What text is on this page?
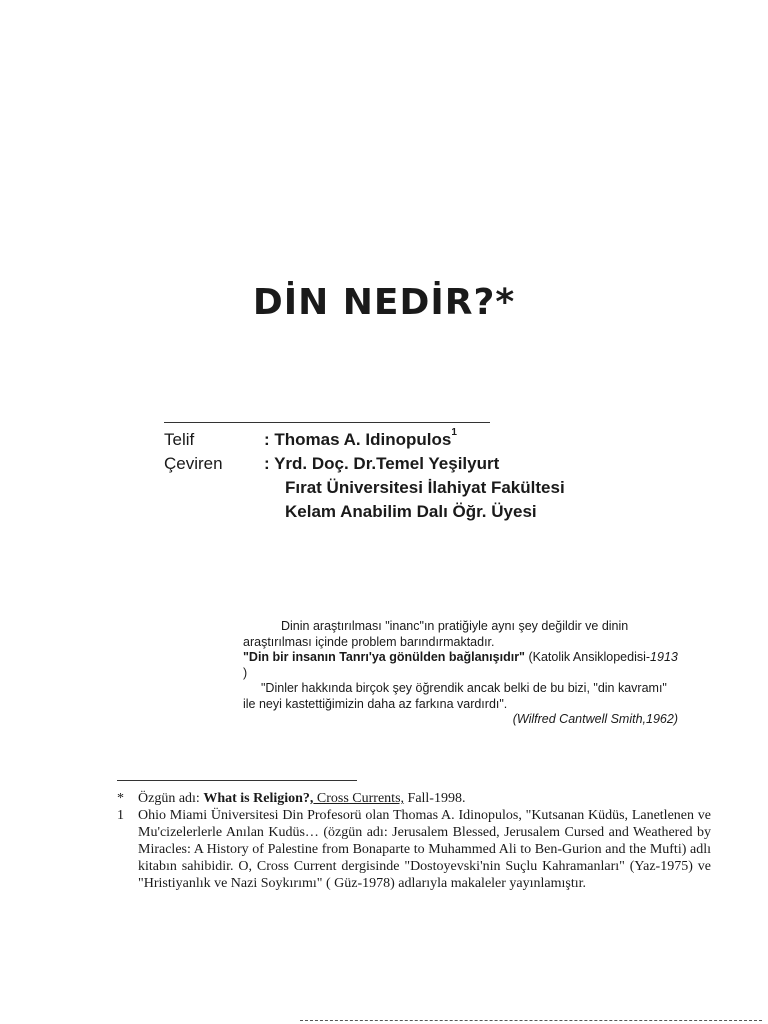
DİN NEDİR?*
Telif	: Thomas A. Idinopulos$^1$
Çeviren	: Yrd. Doç. Dr.Temel Yeşilyurt
Fırat Üniversitesi İlahiyat Fakültesi
Kelam Anabilim Dalı Öğr. Üyesi

Dinin araştırılması "inanc"ın pratiğiyle aynı şey değildir ve dinin araştırılması içinde problem barındırmaktadır.

"Din bir insanın Tanrı'ya gönülden bağlanışıdır" (Katolik Ansiklopedisi-1913 )

"Dinler hakkında birçok şey öğrendik ancak belki de bu bizi, "din kavramı" ile neyi kastettiğimizin daha az farkına vardırdı".

(Wilfred Cantwell Smith,1962)

*	Özgün adı: What is Religion?, Cross Currents, Fall-1998.
1	Ohio Miami Üniversitesi Din Profesorü olan Thomas A. Idinopulos, "Kutsanan Küdüs, Lanetlenen ve Mu'cizelerlerle Anılan Kudüs… (özgün adı: Jerusalem Blessed, Jerusalem Cursed and Weathered by Miracles: A History of Palestine from Bonaparte to Muhammed Ali to Ben-Gurion and the Mufti) adlı kitabın sahibidir. O, Cross Current dergisinde "Dostoyevski'nin Suçlu Kahramanları" (Yaz-1975) ve "Hristiyanlık ve Nazi Soykırımı" ( Güz-1978) adlarıyla makaleler yayınlamıştır.
